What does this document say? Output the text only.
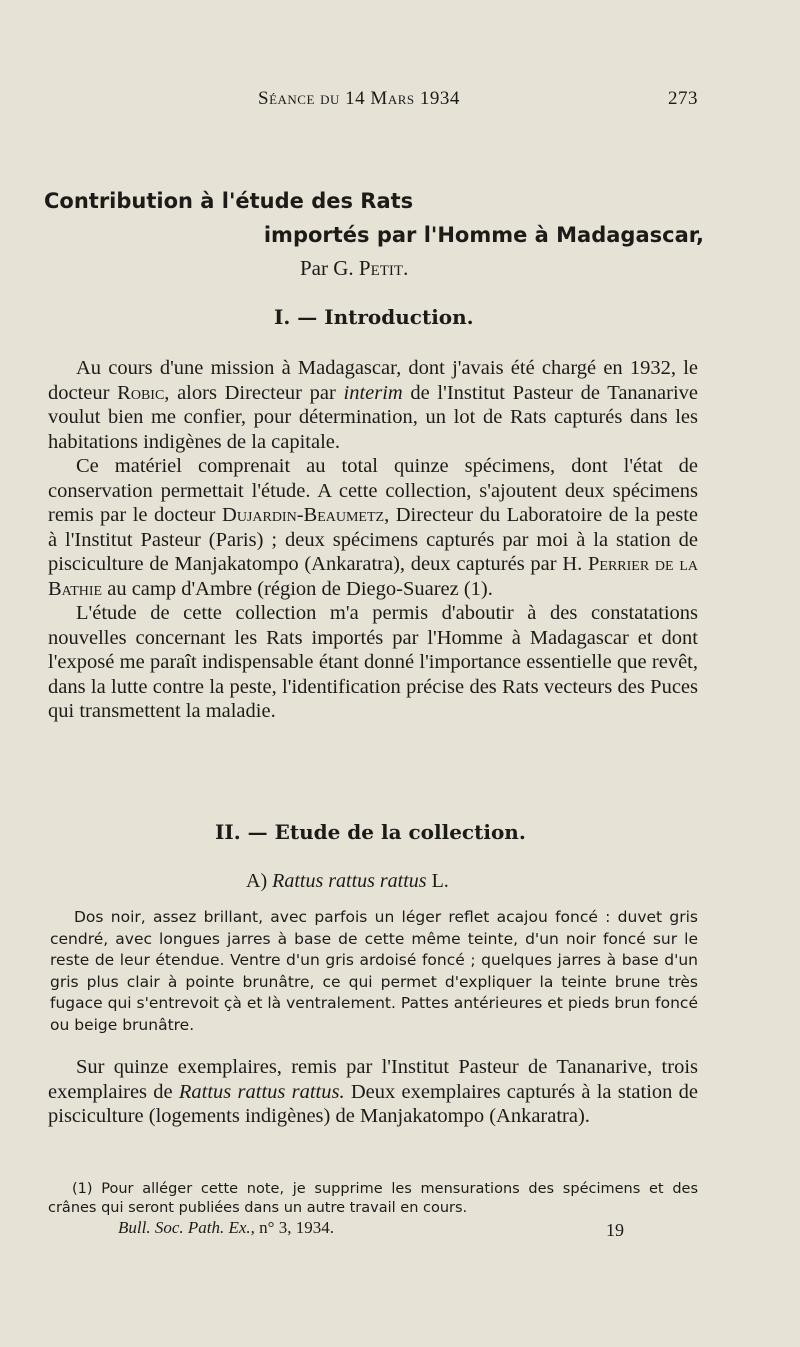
Séance du 14 Mars 1934	273
Contribution à l'étude des Rats
importés par l'Homme à Madagascar,
Par G. Petit.
I. — Introduction.

Au cours d'une mission à Madagascar, dont j'avais été chargé en 1932, le docteur Robic, alors Directeur par interim de l'Institut Pasteur de Tananarive voulut bien me confier, pour détermination, un lot de Rats capturés dans les habitations indigènes de la capitale.

Ce matériel comprenait au total quinze spécimens, dont l'état de conservation permettait l'étude. A cette collection, s'ajoutent deux spécimens remis par le docteur Dujardin-Beaumetz, Directeur du Laboratoire de la peste à l'Institut Pasteur (Paris) ; deux spécimens capturés par moi à la station de pisciculture de Manjakatompo (Ankaratra), deux capturés par H. Perrier de la Bathie au camp d'Ambre (région de Diego-Suarez (1).

L'étude de cette collection m'a permis d'aboutir à des constatations nouvelles concernant les Rats importés par l'Homme à Madagascar et dont l'exposé me paraît indispensable étant donné l'importance essentielle que revêt, dans la lutte contre la peste, l'identification précise des Rats vecteurs des Puces qui transmettent la maladie.

II. — Etude de la collection.
A) Rattus rattus rattus L.

Dos noir, assez brillant, avec parfois un léger reflet acajou foncé : duvet gris cendré, avec longues jarres à base de cette même teinte, d'un noir foncé sur le reste de leur étendue. Ventre d'un gris ardoisé foncé ; quelques jarres à base d'un gris plus clair à pointe brunâtre, ce qui permet d'expliquer la teinte brune très fugace qui s'entrevoit çà et là ventralement. Pattes antérieures et pieds brun foncé ou beige brunâtre.

Sur quinze exemplaires, remis par l'Institut Pasteur de Tananarive, trois exemplaires de Rattus rattus rattus. Deux exemplaires capturés à la station de pisciculture (logements indigènes) de Manjakatompo (Ankaratra).

(1) Pour alléger cette note, je supprime les mensurations des spécimens et des crânes qui seront publiées dans un autre travail en cours.

Bull. Soc. Path. Ex., n° 3, 1934.	19
